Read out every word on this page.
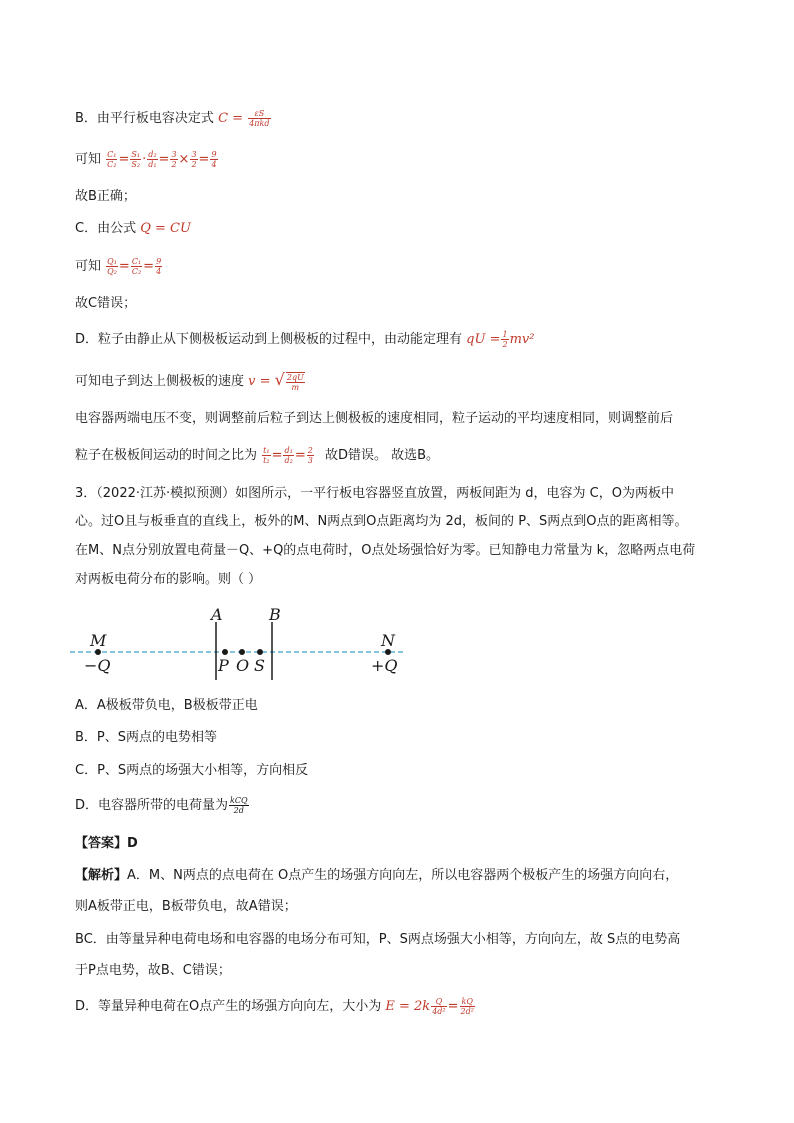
B．由平行板电容决定式 $C = \frac{\varepsilon S}{\text{4πkd}}$
可知 $\frac{\text{C₁}}{\text{C₂}} = \frac{\text{S₁}}{\text{S₂}} \cdot \frac{\text{d₂}}{\text{d₁}} = \frac{3}{2} \times \frac{3}{2} = \frac{9}{4}$
故B正确；
C．由公式 Q = CU
可知 $\frac{\text{Q₁}}{\text{Q₂}} = \frac{\text{C₁}}{\text{C₂}} = \frac{9}{4}$
故C错误；
D．粒子由静止从下侧极板运动到上侧极板的过程中，由动能定理有 qU = $\frac{1}{2} mv^2$
可知电子到达上侧极板的速度 v = √ $\frac{2qU}{m}$
电容器两端电压不变，则调整前后粒子到达上侧极板的速度相同，粒子运动的平均速度相同，则调整前后
粒子在极板间运动的时间之比为 $\frac{\text{t₁}}{\text{t₂}} = \frac{\text{d₁}}{\text{d₂}} = \frac{2}{3}$ 故D错误。 故选B。
3．（2022·江苏·模拟预测）如图所示，一平行板电容器竖直放置，两板间距为 d，电容为 C，O为两板中
心。过O且与板垂直的直线上，板外的M、N两点到O点距离均为 2d，板间的 P、S两点到O点的距离相等。
在M、N点分别放置电荷量－Q、+Q的点电荷时，O点处场强恰好为零。已知静电力常量为 k，忽略两点电荷
对两板电荷分布的影响。则（ ）
A	B
M	N
−Q	+Q
P O S
A．A极板带负电，B极板带正电
B．P、S两点的电势相等
C．P、S两点的场强大小相等，方向相反
D．电容器所带的电荷量为 $\frac{\text{kCQ}}{2d}$
【答案】D
【解析】A．M、N两点的点电荷在 O点产生的场强方向向左，所以电容器两个极板产生的场强方向向右，
则A板带正电，B板带负电，故A错误；
BC．由等量异种电荷电场和电容器的电场分布可知，P、S两点场强大小相等，方向向左，故 S点的电势高
于P点电势，故B、C错误；
D．等量异种电荷在O点产生的场强方向向左，大小为 $E = 2k \frac{Q}{\text{4d²}} = \frac{kQ}{\text{2d²}}$
